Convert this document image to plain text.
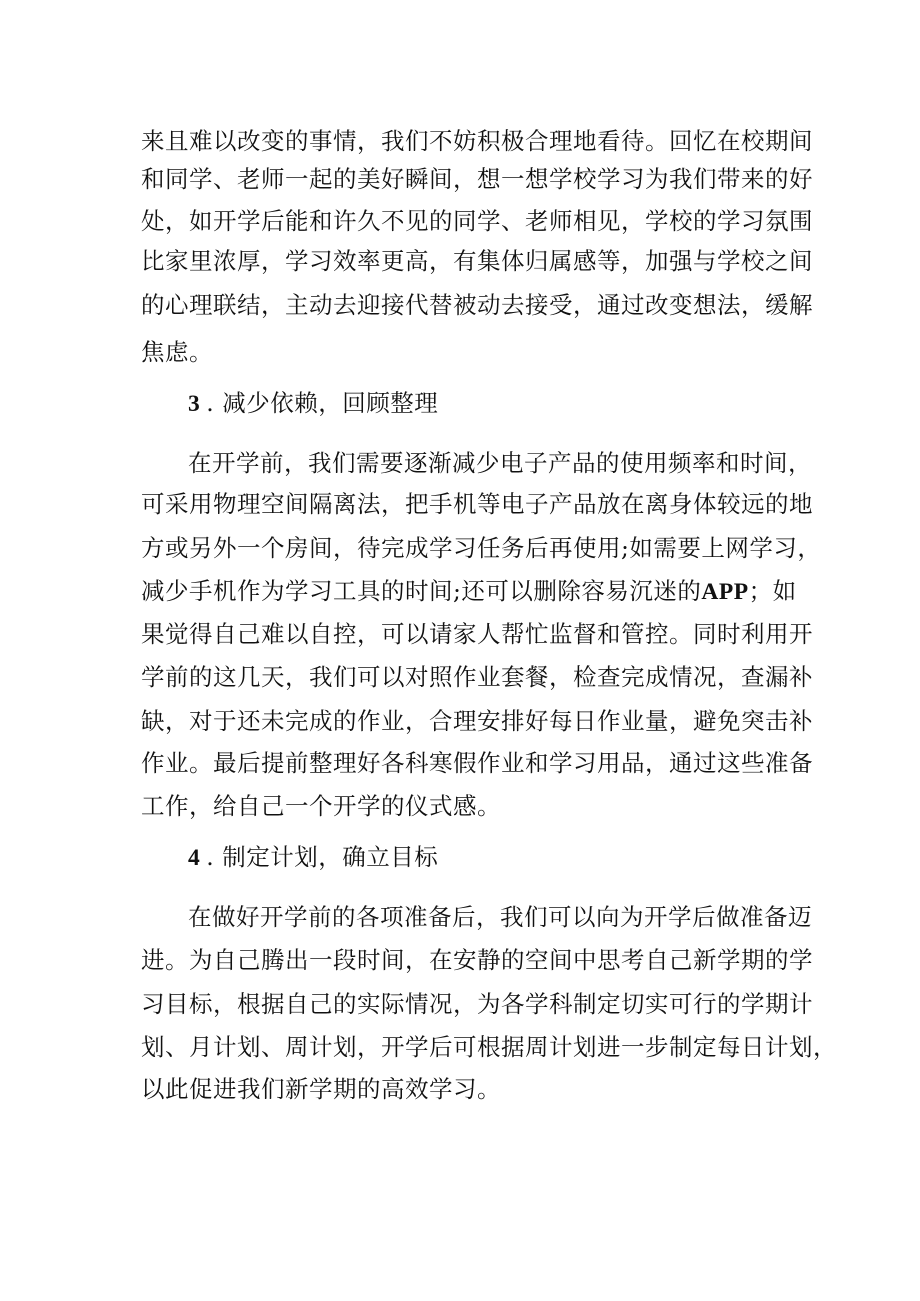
来且难以改变的事情，我们不妨积极合理地看待。回忆在校期间
和同学、老师一起的美好瞬间，想一想学校学习为我们带来的好
处，如开学后能和许久不见的同学、老师相见，学校的学习氛围
比家里浓厚，学习效率更高，有集体归属感等，加强与学校之间
的心理联结，主动去迎接代替被动去接受，通过改变想法，缓解
焦虑。
3 . 减少依赖，回顾整理
在开学前，我们需要逐渐减少电子产品的使用频率和时间，
可采用物理空间隔离法，把手机等电子产品放在离身体较远的地
方或另外一个房间，待完成学习任务后再使用;如需要上网学习，
减少手机作为学习工具的时间;还可以删除容易沉迷的APP；如
果觉得自己难以自控，可以请家人帮忙监督和管控。同时利用开
学前的这几天，我们可以对照作业套餐，检查完成情况，查漏补
缺，对于还未完成的作业，合理安排好每日作业量，避免突击补
作业。最后提前整理好各科寒假作业和学习用品，通过这些准备
工作，给自己一个开学的仪式感。
4 . 制定计划，确立目标
在做好开学前的各项准备后，我们可以向为开学后做准备迈
进。为自己腾出一段时间，在安静的空间中思考自己新学期的学
习目标，根据自己的实际情况，为各学科制定切实可行的学期计
划、月计划、周计划，开学后可根据周计划进一步制定每日计划，
以此促进我们新学期的高效学习。
